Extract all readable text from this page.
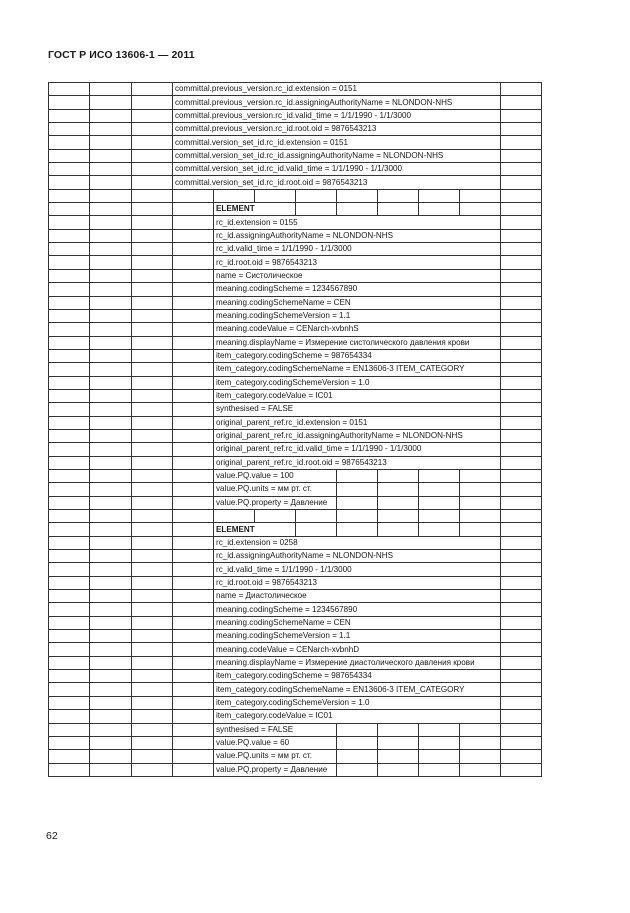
ГОСТ Р ИСО 13606-1 — 2011
			committal.previous_version.rc_id.extension = 0151								
			committal.previous_version.rc_id.assigningAuthorityName = NLONDON-NHS								
			committal.previous_version.rc_id.valid_time = 1/1/1990 - 1/1/3000								
			committal.previous_version.rc_id.root.oid = 9876543213								
			committal.version_set_id.rc_id.extension = 0151								
			committal.version_set_id.rc_id.assigningAuthorityName = NLONDON-NHS								
			committal.version_set_id.rc_id.valid_time = 1/1/1990 - 1/1/3000								
			committal.version_set_id.rc_id.root.oid = 9876543213								

				ELEMENT							
				rc_id.extension = 0155							
				rc_id.assigningAuthorityName = NLONDON-NHS							
				rc_id.valid_time = 1/1/1990 - 1/1/3000							
				rc_id.root.oid = 9876543213							
				name = Систолическое							
				meaning.codingScheme = 1234567890							
				meaning.codingSchemeName = CEN							
				meaning.codingSchemeVersion = 1.1							
				meaning.codeValue = CENarch-xvbnhS							
				meaning.displayName = Измерение систолического давления крови							
				item_category.codingScheme = 987654334							
				item_category.codingSchemeName = EN13606-3 ITEM_CATEGORY							
				item_category.codingSchemeVersion = 1.0							
				item_category.codeValue = IC01							
				synthesised = FALSE							
				original_parent_ref.rc_id.extension = 0151							
				original_parent_ref.rc_id.assigningAuthorityName = NLONDON-NHS							
				original_parent_ref.rc_id.valid_time = 1/1/1990 - 1/1/3000							
				original_parent_ref.rc_id.root.oid = 9876543213							
				value.PQ.value = 100							
				value.PQ.units = мм рт. ст.							
				value.PQ.property = Давление							

				ELEMENT							
				rc_id.extension = 0258							
				rc_id.assigningAuthorityName = NLONDON-NHS							
				rc_id.valid_time = 1/1/1990 - 1/1/3000							
				rc_id.root.oid = 9876543213							
				name = Диастолическое							
				meaning.codingScheme = 1234567890							
				meaning.codingSchemeName = CEN							
				meaning.codingSchemeVersion = 1.1							
				meaning.codeValue = CENarch-xvbnhD							
				meaning.displayName = Измерение диастолического давления крови							
				item_category.codingScheme = 987654334							
				item_category.codingSchemeName = EN13606-3 ITEM_CATEGORY							
				item_category.codingSchemeVersion = 1.0							
				item_category.codeValue = IC01							
				synthesised = FALSE							
				value.PQ.value = 60							
				value.PQ.units = мм рт. ст.							
				value.PQ.property = Давление							
62
